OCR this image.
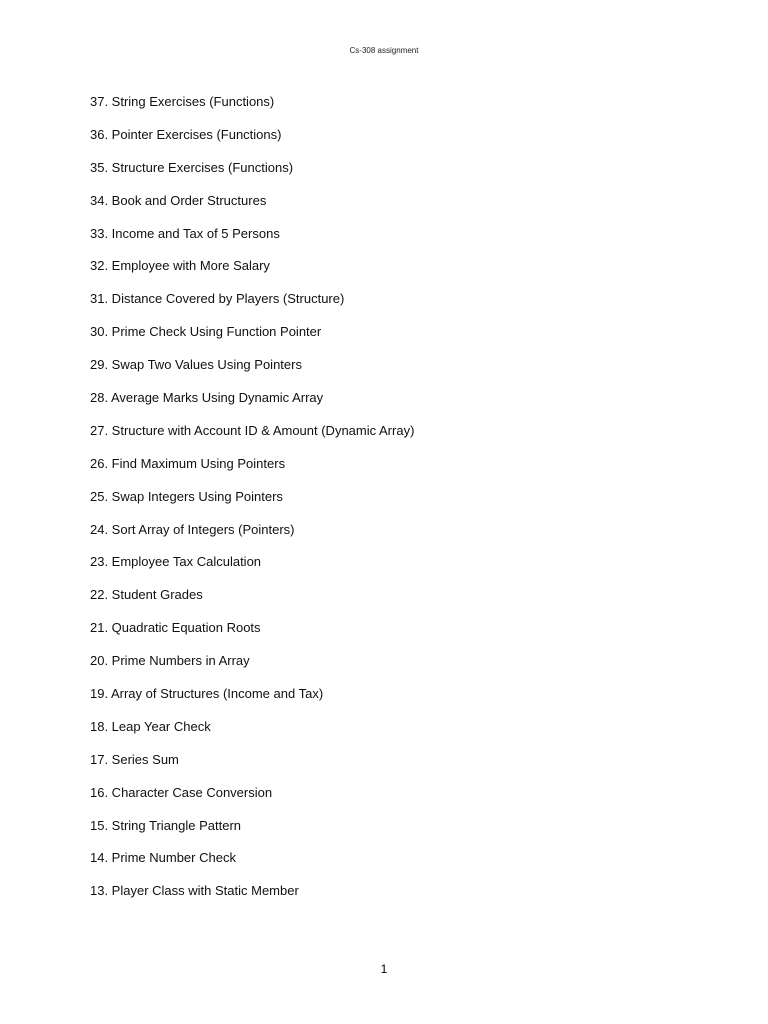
Cs-308 assignment
37. String Exercises (Functions)
36. Pointer Exercises (Functions)
35. Structure Exercises (Functions)
34. Book and Order Structures
33. Income and Tax of 5 Persons
32. Employee with More Salary
31. Distance Covered by Players (Structure)
30. Prime Check Using Function Pointer
29. Swap Two Values Using Pointers
28. Average Marks Using Dynamic Array
27. Structure with Account ID & Amount (Dynamic Array)
26. Find Maximum Using Pointers
25. Swap Integers Using Pointers
24. Sort Array of Integers (Pointers)
23. Employee Tax Calculation
22. Student Grades
21. Quadratic Equation Roots
20. Prime Numbers in Array
19. Array of Structures (Income and Tax)
18. Leap Year Check
17. Series Sum
16. Character Case Conversion
15. String Triangle Pattern
14. Prime Number Check
13. Player Class with Static Member
1
